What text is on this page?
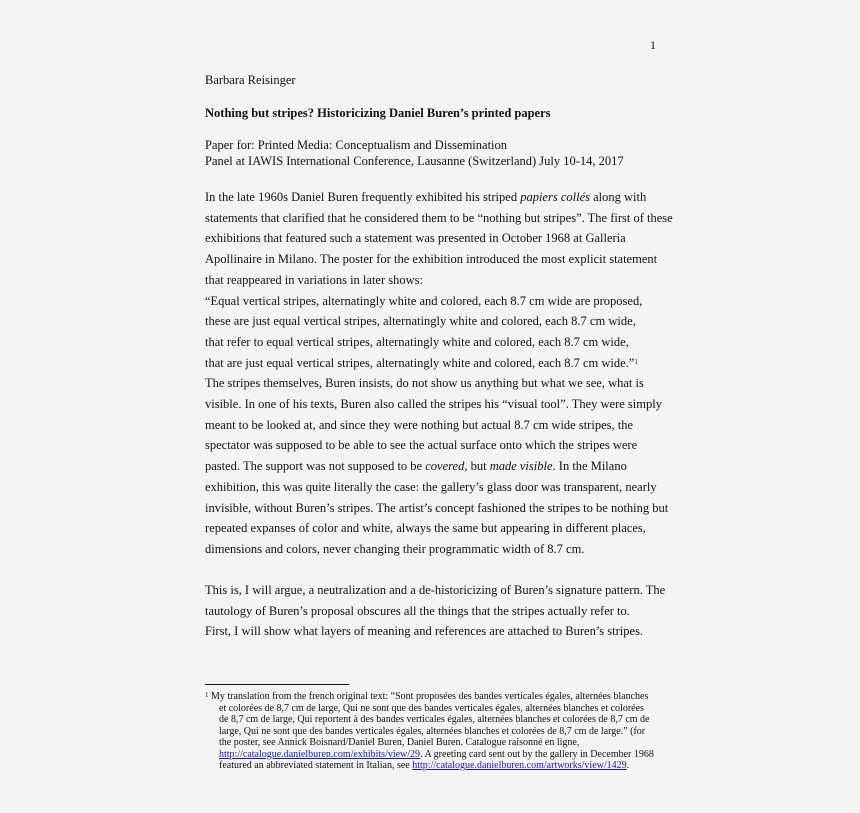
1
Barbara Reisinger
Nothing but stripes? Historicizing Daniel Buren’s printed papers
Paper for: Printed Media: Conceptualism and Dissemination
Panel at IAWIS International Conference, Lausanne (Switzerland) July 10-14, 2017
In the late 1960s Daniel Buren frequently exhibited his striped papiers collés along with
statements that clarified that he considered them to be “nothing but stripes”. The first of these
exhibitions that featured such a statement was presented in October 1968 at Galleria
Apollinaire in Milano. The poster for the exhibition introduced the most explicit statement
that reappeared in variations in later shows:
“Equal vertical stripes, alternatingly white and colored, each 8.7 cm wide are proposed,
these are just equal vertical stripes, alternatingly white and colored, each 8.7 cm wide,
that refer to equal vertical stripes, alternatingly white and colored, each 8.7 cm wide,
that are just equal vertical stripes, alternatingly white and colored, each 8.7 cm wide.”$^1$
The stripes themselves, Buren insists, do not show us anything but what we see, what is
visible. In one of his texts, Buren also called the stripes his “visual tool”. They were simply
meant to be looked at, and since they were nothing but actual 8.7 cm wide stripes, the
spectator was supposed to be able to see the actual surface onto which the stripes were
pasted. The support was not supposed to be covered, but made visible. In the Milano
exhibition, this was quite literally the case: the gallery’s glass door was transparent, nearly
invisible, without Buren’s stripes. The artist’s concept fashioned the stripes to be nothing but
repeated expanses of color and white, always the same but appearing in different places,
dimensions and colors, never changing their programmatic width of 8.7 cm.
This is, I will argue, a neutralization and a de-historicizing of Buren’s signature pattern. The
tautology of Buren’s proposal obscures all the things that the stripes actually refer to.
First, I will show what layers of meaning and references are attached to Buren’s stripes.
$^1$ My translation from the french original text: “Sont proposées des bandes verticales égales, alternées blanches
et colorées de 8,7 cm de large, Qui ne sont que des bandes verticales égales, alternées blanches et colorées
de 8,7 cm de large, Qui reportent à des bandes verticales égales, alternées blanches et colorées de 8,7 cm de
large, Qui ne sont que des bandes verticales égales, alternées blanches et colorées de 8,7 cm de large.” (for
the poster, see Annick Boisnard/Daniel Buren, Daniel Buren. Catalogue raisonné en ligne,
http://catalogue.danielburen.com/exhibits/view/29. A greeting card sent out by the gallery in December 1968
featured an abbreviated statement in Italian, see http://catalogue.danielburen.com/artworks/view/1429.
